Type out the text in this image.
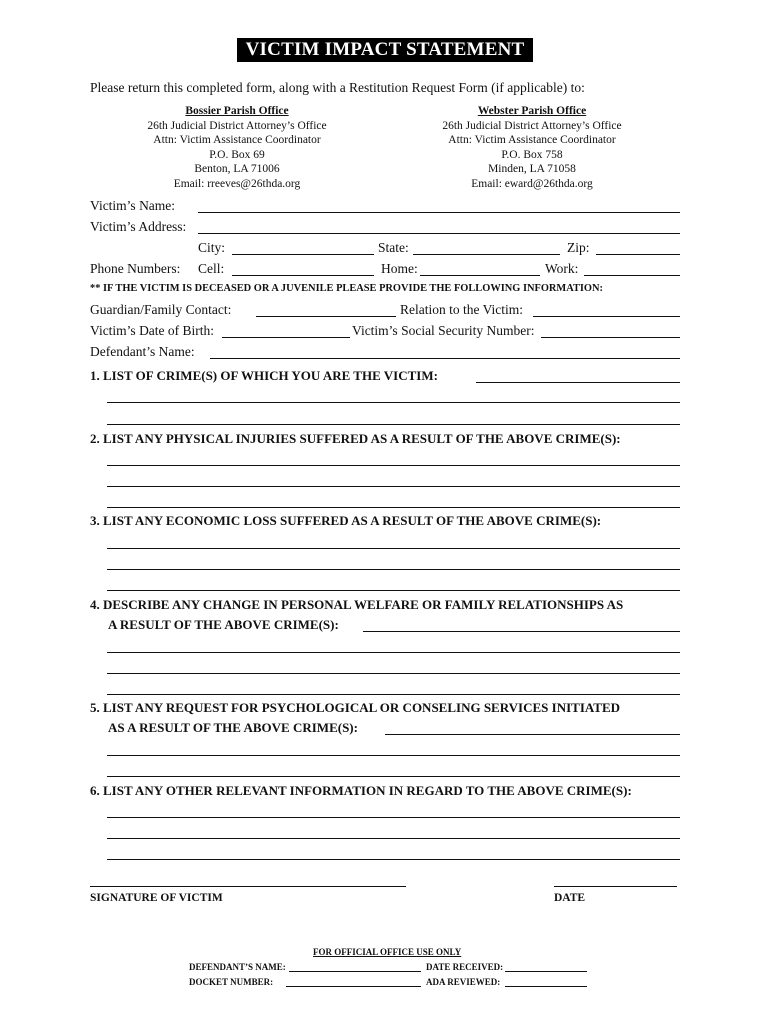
VICTIM IMPACT STATEMENT
Please return this completed form, along with a Restitution Request Form (if applicable) to:
Bossier Parish Office
26th Judicial District Attorney’s Office
Attn: Victim Assistance Coordinator
P.O. Box 69
Benton, LA 71006
Email: rreeves@26thda.org
Webster Parish Office
26th Judicial District Attorney’s Office
Attn: Victim Assistance Coordinator
P.O. Box 758
Minden, LA 71058
Email: eward@26thda.org
Victim’s Name:
Victim’s Address:
City:	State:	Zip:
Phone Numbers: Cell:	Home:	Work:
** IF THE VICTIM IS DECEASED OR A JUVENILE PLEASE PROVIDE THE FOLLOWING INFORMATION:
Guardian/Family Contact:	Relation to the Victim:
Victim’s Date of Birth:	Victim’s Social Security Number:
Defendant’s Name:
1. LIST OF CRIME(S) OF WHICH YOU ARE THE VICTIM:
2. LIST ANY PHYSICAL INJURIES SUFFERED AS A RESULT OF THE ABOVE CRIME(S):
3. LIST ANY ECONOMIC LOSS SUFFERED AS A RESULT OF THE ABOVE CRIME(S):
4. DESCRIBE ANY CHANGE IN PERSONAL WELFARE OR FAMILY RELATIONSHIPS AS
A RESULT OF THE ABOVE CRIME(S):
5. LIST ANY REQUEST FOR PSYCHOLOGICAL OR CONSELING SERVICES INITIATED
AS A RESULT OF THE ABOVE CRIME(S):
6. LIST ANY OTHER RELEVANT INFORMATION IN REGARD TO THE ABOVE CRIME(S):
SIGNATURE OF VICTIM	DATE
FOR OFFICIAL OFFICE USE ONLY
DEFENDANT’S NAME:	DATE RECEIVED:
DOCKET NUMBER:	ADA REVIEWED:
